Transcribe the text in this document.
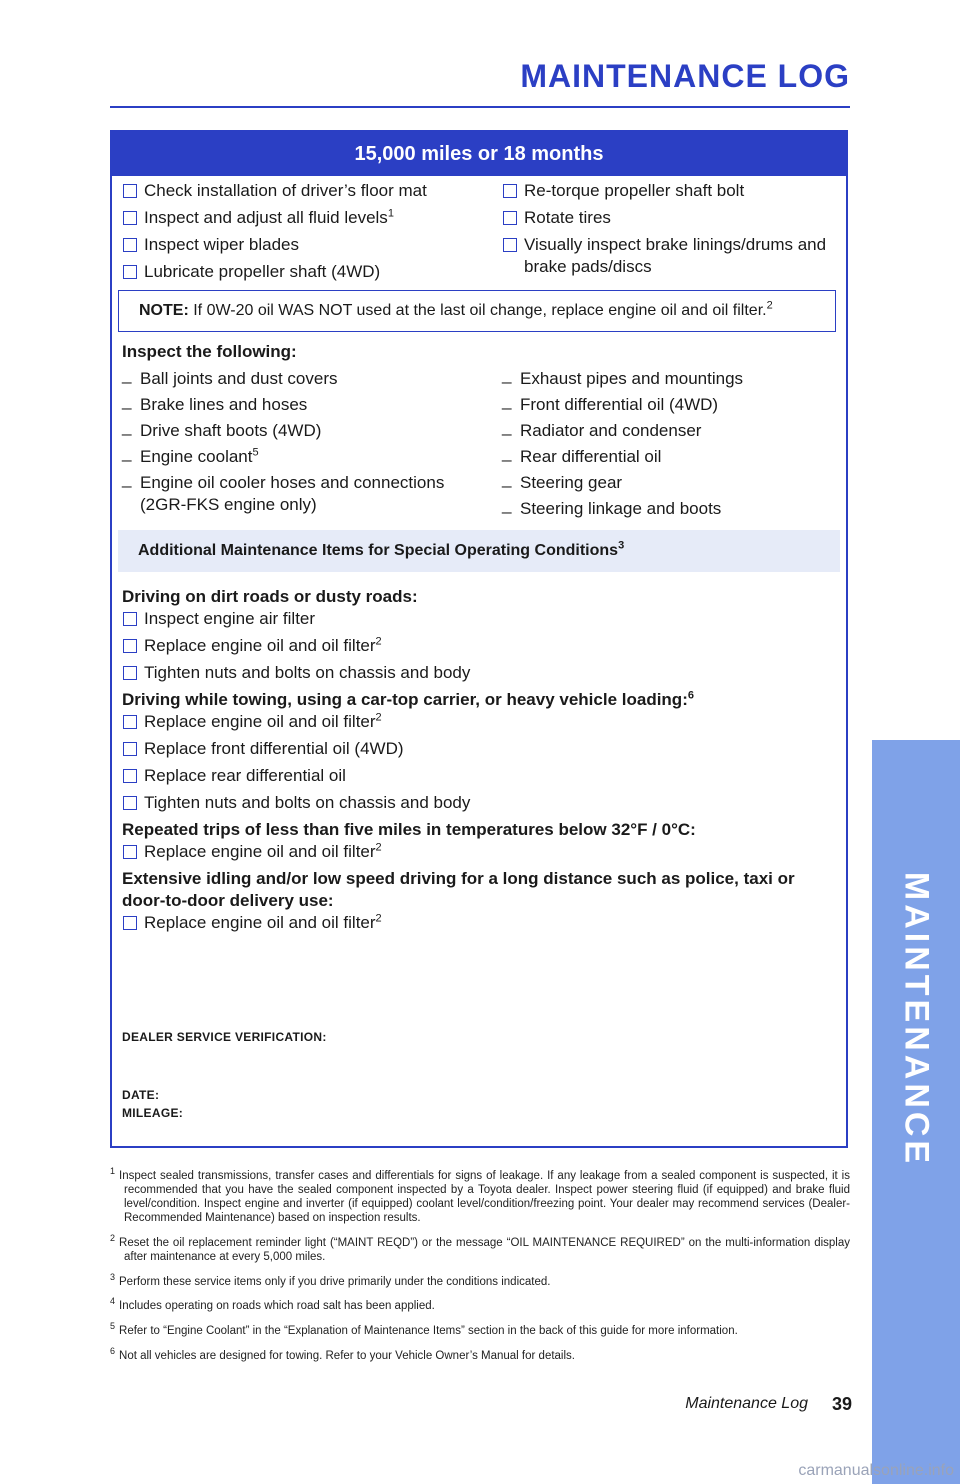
MAINTENANCE LOG
15,000 miles or 18 months
Check installation of driver’s floor mat
Inspect and adjust all fluid levels$^1$
Inspect wiper blades
Lubricate propeller shaft (4WD)
Re-torque propeller shaft bolt
Rotate tires
Visually inspect brake linings/drums and brake pads/discs
NOTE: If 0W-20 oil WAS NOT used at the last oil change, replace engine oil and oil filter.$^2$
Inspect the following:
_ Ball joints and dust covers
_ Brake lines and hoses
_ Drive shaft boots (4WD)
_ Engine coolant$^5$
_ Engine oil cooler hoses and connections (2GR-FKS engine only)
_ Exhaust pipes and mountings
_ Front differential oil (4WD)
_ Radiator and condenser
_ Rear differential oil
_ Steering gear
_ Steering linkage and boots
Additional Maintenance Items for Special Operating Conditions$^3$
Driving on dirt roads or dusty roads:
Inspect engine air filter
Replace engine oil and oil filter$^2$
Tighten nuts and bolts on chassis and body
Driving while towing, using a car-top carrier, or heavy vehicle loading:$^6$
Replace engine oil and oil filter$^2$
Replace front differential oil (4WD)
Replace rear differential oil
Tighten nuts and bolts on chassis and body
Repeated trips of less than five miles in temperatures below 32°F / 0°C:
Replace engine oil and oil filter$^2$
Extensive idling and/or low speed driving for a long distance such as police, taxi or door-to-door delivery use:
Replace engine oil and oil filter$^2$
DEALER SERVICE VERIFICATION:
DATE:
MILEAGE:

$^1$ Inspect sealed transmissions, transfer cases and differentials for signs of leakage. If any leakage from a sealed component is suspected, it is recommended that you have the sealed component inspected by a Toyota dealer. Inspect power steering fluid (if equipped) and brake fluid level/condition. Inspect engine and inverter (if equipped) coolant level/condition/freezing point. Your dealer may recommend services (Dealer-Recommended Maintenance) based on inspection results.

$^2$ Reset the oil replacement reminder light (“MAINT REQD”) or the message “OIL MAINTENANCE REQUIRED” on the multi-information display after maintenance at every 5,000 miles.

$^3$ Perform these service items only if you drive primarily under the conditions indicated.

$^4$ Includes operating on roads which road salt has been applied.

$^5$ Refer to “Engine Coolant” in the “Explanation of Maintenance Items” section in the back of this guide for more information.

$^6$ Not all vehicles are designed for towing. Refer to your Vehicle Owner’s Manual for details.

Maintenance Log 39
MAINTENANCE
carmanualsonline.info
